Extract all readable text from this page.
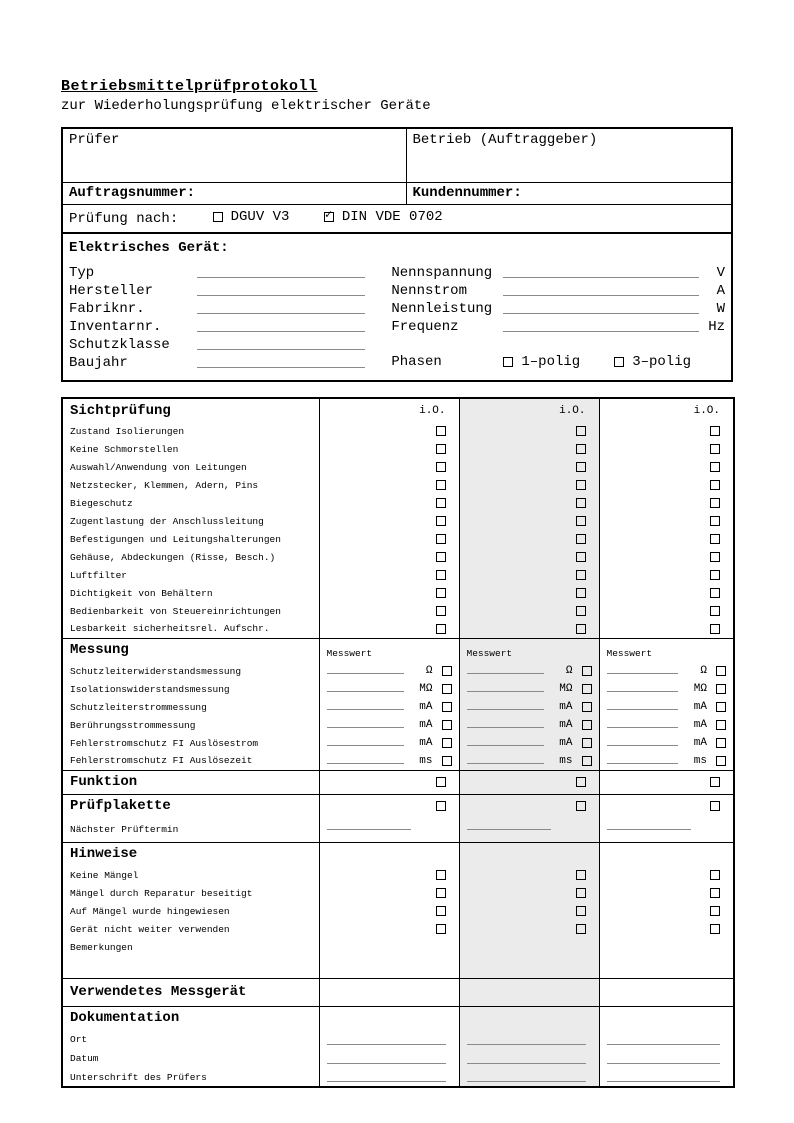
Betriebsmittelprüfprotokoll
zur Wiederholungsprüfung elektrischer Geräte
Prüfer	Betrieb (Auftraggeber)
Auftragsnummer:	Kundennummer:
Prüfung nach: DGUV V3
✓ DIN VDE 0702

Elektrisches Gerät:
Typ
Hersteller
Fabriknr.
Inventarnr.
Schutzklasse
Baujahr
Nennspannung	V
Nennstrom	A
Nennleistung	W
Frequenz	Hz
Phasen	1–polig	3–polig
Sichtprüfung	i.O.	i.O.	i.O.
Zustand Isolierungen			
Keine Schmorstellen			
Auswahl/Anwendung von Leitungen			
Netzstecker, Klemmen, Adern, Pins			
Biegeschutz			
Zugentlastung der Anschlussleitung			
Befestigungen und Leitungshalterungen			
Gehäuse, Abdeckungen (Risse, Besch.)			
Luftfilter			
Dichtigkeit von Behältern			
Bedienbarkeit von Steuereinrichtungen			
Lesbarkeit sicherheitsrel. Aufschr.			
Messung	Messwert	Messwert	Messwert
Schutzleiterwiderstandsmessung	Ω	Ω	Ω

Isolationswiderstandsmessung	MΩ	MΩ	MΩ

Schutzleiterstrommessung	mA	mA	mA

Berührungsstrommessung	mA	mA	mA

Fehlerstromschutz FI Auslösestrom	mA	mA	mA

Fehlerstromschutz FI Auslösezeit	ms	ms	ms

Funktion			
Prüfplakette			
Nächster Prüftermin			
Hinweise			
Keine Mängel			
Mängel durch Reparatur beseitigt			
Auf Mängel wurde hingewiesen			
Gerät nicht weiter verwenden			
Bemerkungen			

Verwendetes Messgerät			
Dokumentation			
Ort	

Datum	

Unterschrift des Prüfers	
